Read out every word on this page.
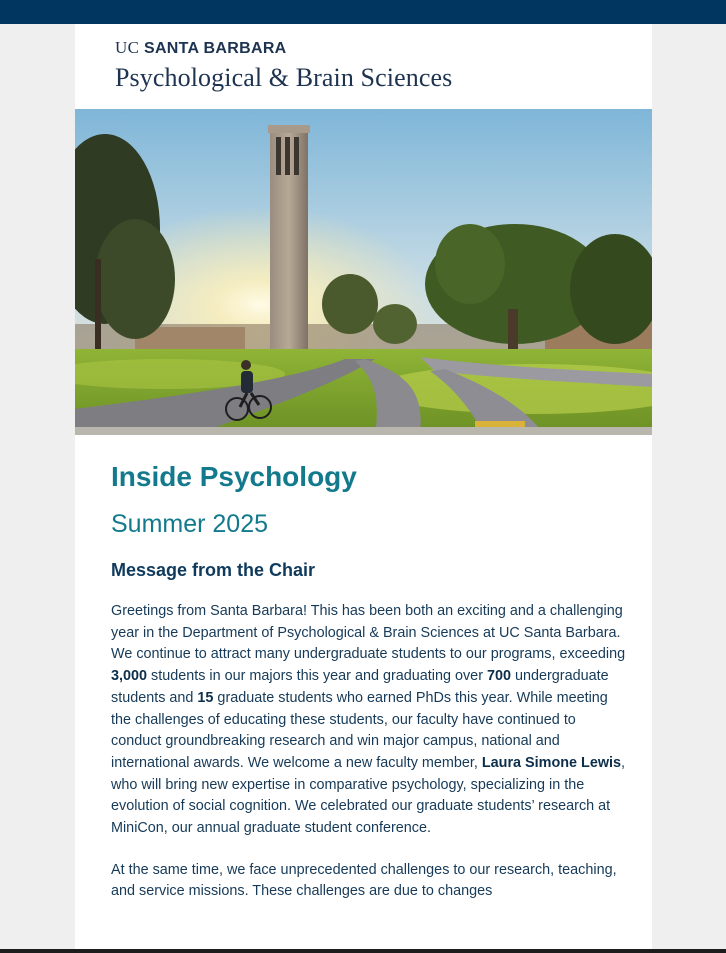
UC SANTA BARBARA
Psychological & Brain Sciences
Inside Psychology
Summer 2025
Message from the Chair

Greetings from Santa Barbara! This has been both an exciting and a challenging year in the Department of Psychological & Brain Sciences at UC Santa Barbara. We continue to attract many undergraduate students to our programs, exceeding 3,000 students in our majors this year and graduating over 700 undergraduate students and 15 graduate students who earned PhDs this year. While meeting the challenges of educating these students, our faculty have continued to conduct groundbreaking research and win major campus, national and international awards. We welcome a new faculty member, Laura Simone Lewis, who will bring new expertise in comparative psychology, specializing in the evolution of social cognition. We celebrated our graduate students’ research at MiniCon, our annual graduate student conference.

At the same time, we face unprecedented challenges to our research, teaching, and service missions. These challenges are due to changes
